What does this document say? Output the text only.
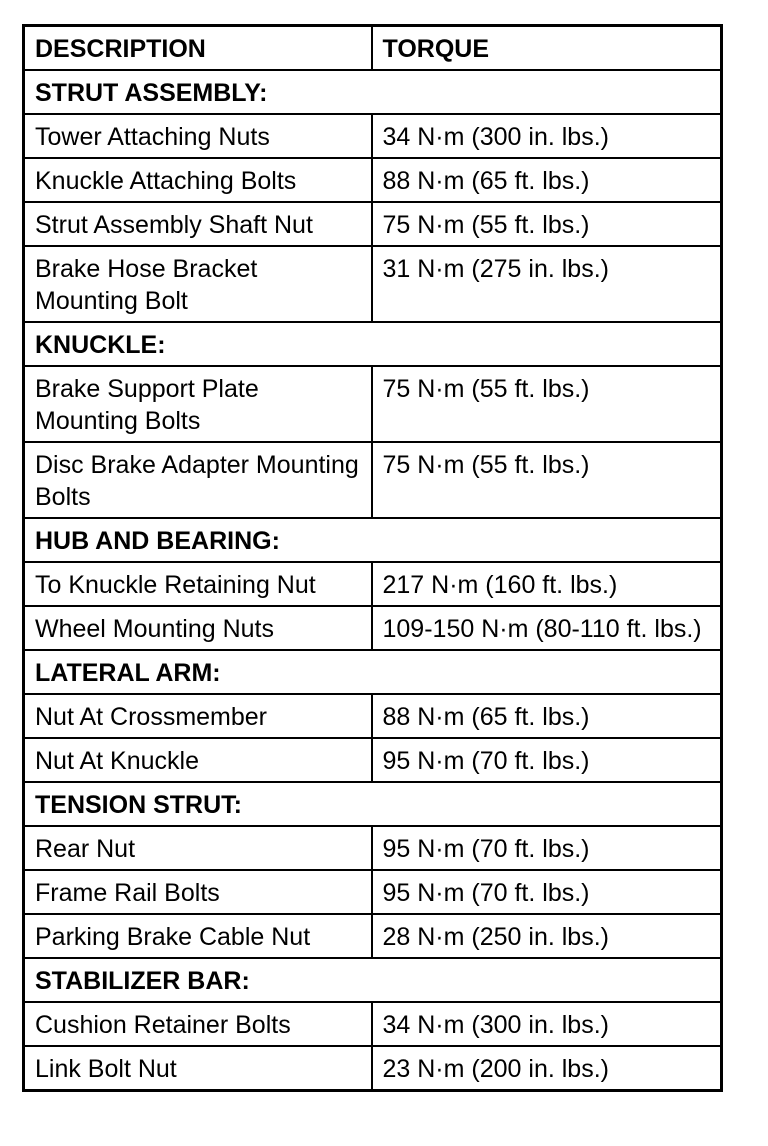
DESCRIPTION	TORQUE
STRUT ASSEMBLY:	
Tower Attaching Nuts	34 N·m (300 in. lbs.)
Knuckle Attaching Bolts	88 N·m (65 ft. lbs.)
Strut Assembly Shaft Nut	75 N·m (55 ft. lbs.)
Brake Hose Bracket Mounting Bolt	31 N·m (275 in. lbs.)
KNUCKLE:	
Brake Support Plate Mounting Bolts	75 N·m (55 ft. lbs.)
Disc Brake Adapter Mounting Bolts	75 N·m (55 ft. lbs.)
HUB AND BEARING:	
To Knuckle Retaining Nut	217 N·m (160 ft. lbs.)
Wheel Mounting Nuts	109-150 N·m (80-110 ft. lbs.)
LATERAL ARM:	
Nut At Crossmember	88 N·m (65 ft. lbs.)
Nut At Knuckle	95 N·m (70 ft. lbs.)
TENSION STRUT:	
Rear Nut	95 N·m (70 ft. lbs.)
Frame Rail Bolts	95 N·m (70 ft. lbs.)
Parking Brake Cable Nut	28 N·m (250 in. lbs.)
STABILIZER BAR:	
Cushion Retainer Bolts	34 N·m (300 in. lbs.)
Link Bolt Nut	23 N·m (200 in. lbs.)
